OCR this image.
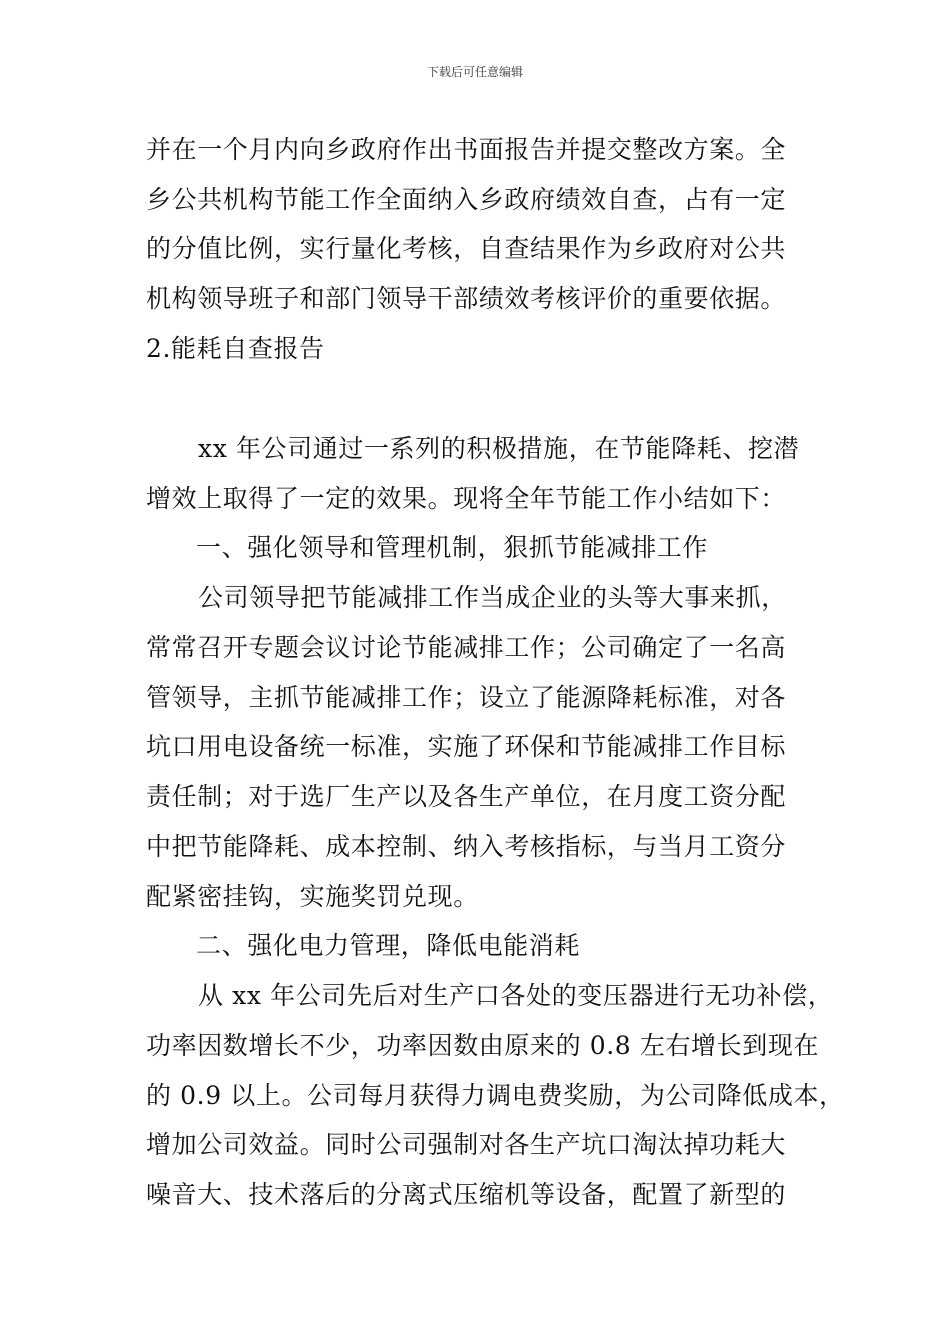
下载后可任意编辑
并在一个月内向乡政府作出书面报告并提交整改方案。全
乡公共机构节能工作全面纳入乡政府绩效自查，占有一定
的分值比例，实行量化考核，自查结果作为乡政府对公共
机构领导班子和部门领导干部绩效考核评价的重要依据。
2.能耗自查报告
xx 年公司通过一系列的积极措施，在节能降耗、挖潜
增效上取得了一定的效果。现将全年节能工作小结如下：
一、强化领导和管理机制，狠抓节能减排工作
公司领导把节能减排工作当成企业的头等大事来抓，
常常召开专题会议讨论节能减排工作；公司确定了一名高
管领导，主抓节能减排工作；设立了能源降耗标准，对各
坑口用电设备统一标准，实施了环保和节能减排工作目标
责任制；对于选厂生产以及各生产单位，在月度工资分配
中把节能降耗、成本控制、纳入考核指标，与当月工资分
配紧密挂钩，实施奖罚兑现。
二、强化电力管理，降低电能消耗
从 xx 年公司先后对生产口各处的变压器进行无功补偿，
功率因数增长不少，功率因数由原来的 0.8 左右增长到现在
的 0.9 以上。公司每月获得力调电费奖励，为公司降低成本，
增加公司效益。同时公司强制对各生产坑口淘汰掉功耗大
噪音大、技术落后的分离式压缩机等设备，配置了新型的
